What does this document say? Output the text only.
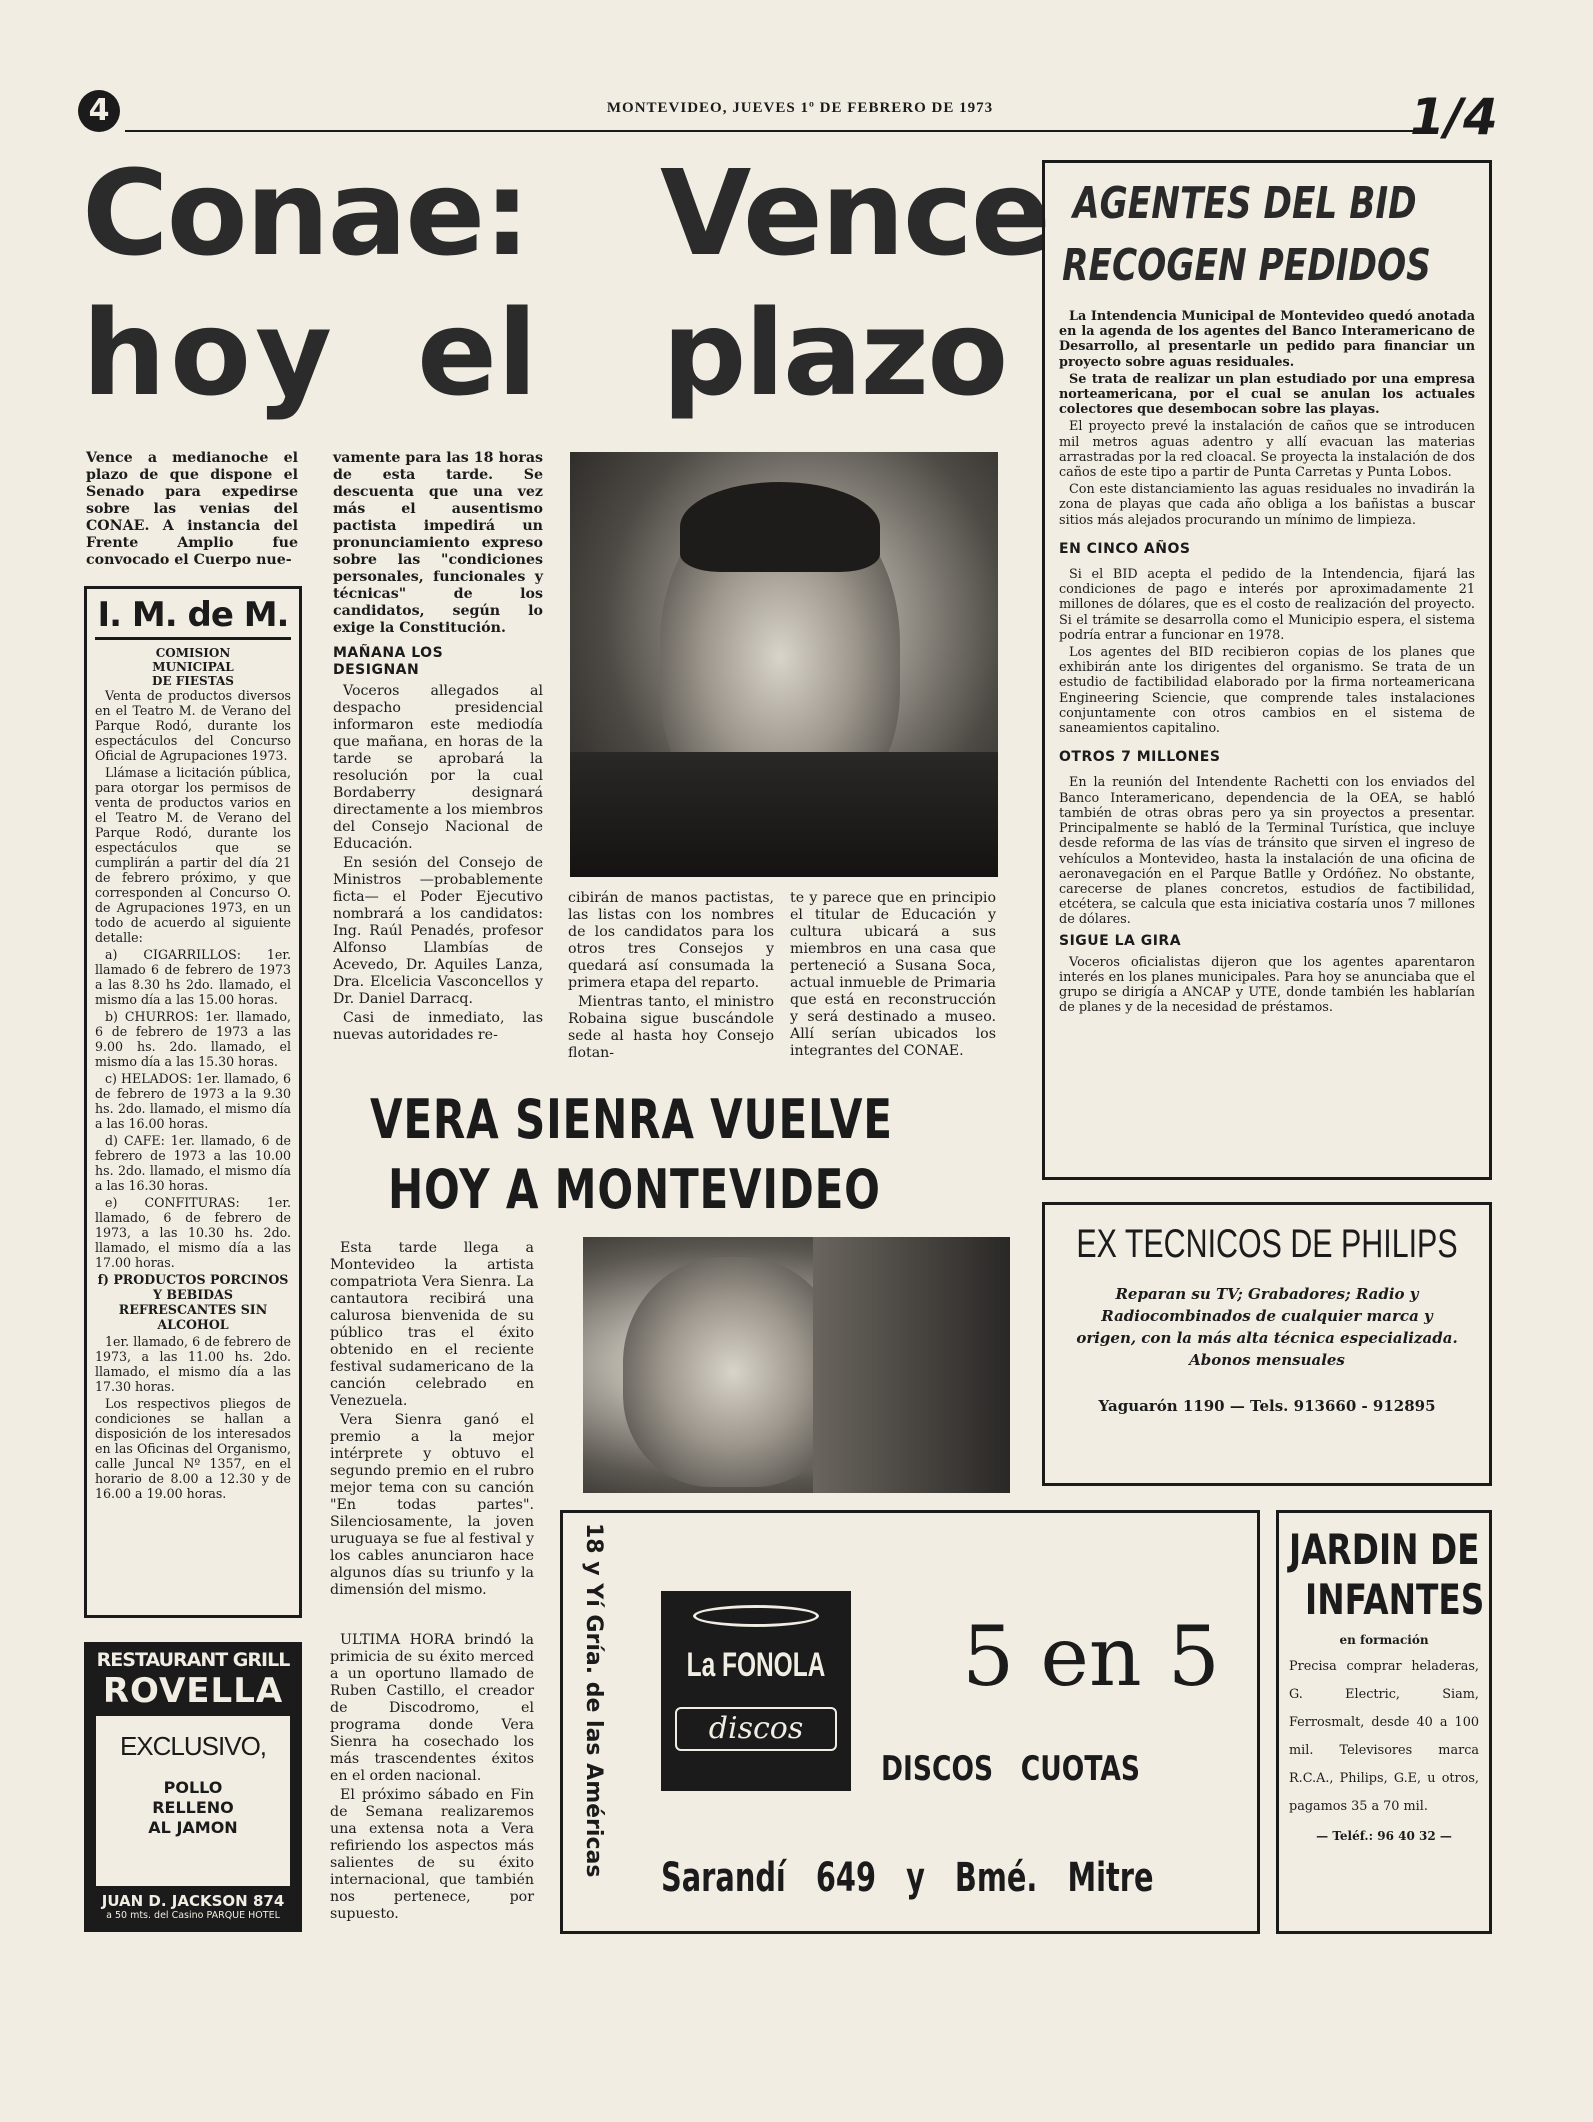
4	MONTEVIDEO, JUEVES 1º DE FEBRERO DE 1973	1/4
Conae: Vence
hoy el plazo

Vence a medianoche el plazo de que dispone el Senado para expedirse sobre las venias del CONAE. A instancia del Frente Amplio fue convocado el Cuerpo nue-

I. M. de M.
COMISION
MUNICIPAL
DE FIESTAS

Venta de productos diversos en el Teatro M. de Verano del Parque Rodó, durante los espectáculos del Concurso Oficial de Agrupaciones 1973.

Llámase a licitación pública, para otorgar los permisos de venta de productos varios en el Teatro M. de Verano del Parque Rodó, durante los espectáculos que se cumplirán a partir del día 21 de febrero próximo, y que corresponden al Concurso O. de Agrupaciones 1973, en un todo de acuerdo al siguiente detalle:

a) CIGARRILLOS: 1er. llamado 6 de febrero de 1973 a las 8.30 hs 2do. llamado, el mismo día a las 15.00 horas.

b) CHURROS: 1er. llamado, 6 de febrero de 1973 a las 9.00 hs. 2do. llamado, el mismo día a las 15.30 horas.

c) HELADOS: 1er. llamado, 6 de febrero de 1973 a la 9.30 hs. 2do. llamado, el mismo día a las 16.00 horas.

d) CAFE: 1er. llamado, 6 de febrero de 1973 a las 10.00 hs. 2do. llamado, el mismo día a las 16.30 horas.

e) CONFITURAS: 1er. llamado, 6 de febrero de 1973, a las 10.30 hs. 2do. llamado, el mismo día a las 17.00 horas.

f) PRODUCTOS PORCINOS Y BEBIDAS REFRESCANTES SIN ALCOHOL

1er. llamado, 6 de febrero de 1973, a las 11.00 hs. 2do. llamado, el mismo día a las 17.30 horas.

Los respectivos pliegos de condiciones se hallan a disposición de los interesados en las Oficinas del Organismo, calle Juncal Nº 1357, en el horario de 8.00 a 12.30 y de 16.00 a 19.00 horas.

RESTAURANT GRILL
ROVELLA
EXCLUSIVO,
POLLO
RELLENO
AL JAMON
JUAN D. JACKSON 874
a 50 mts. del Casino PARQUE HOTEL

vamente para las 18 horas de esta tarde. Se descuenta que una vez más el ausentismo pactista impedirá un pronunciamiento expreso sobre las "condiciones personales, funcionales y técnicas" de los candidatos, según lo exige la Constitución.

MAÑANA LOS
DESIGNAN

Voceros allegados al despacho presidencial informaron este mediodía que mañana, en horas de la tarde se aprobará la resolución por la cual Bordaberry designará directamente a los miembros del Consejo Nacional de Educación.

En sesión del Consejo de Ministros —probablemente ficta— el Poder Ejecutivo nombrará a los candidatos: Ing. Raúl Penadés, profesor Alfonso Llambías de Acevedo, Dr. Aquiles Lanza, Dra. Elcelicia Vasconcellos y Dr. Daniel Darracq.

Casi de inmediato, las nuevas autoridades re-

cibirán de manos pactistas, las listas con los nombres de los candidatos para los otros tres Consejos y quedará así consumada la primera etapa del reparto.

Mientras tanto, el ministro Robaina sigue buscándole sede al hasta hoy Consejo flotan-

te y parece que en principio el titular de Educación y cultura ubicará a sus miembros en una casa que perteneció a Susana Soca, actual inmueble de Primaria que está en reconstrucción y será destinado a museo. Allí serían ubicados los integrantes del CONAE.

VERA SIENRA VUELVE
HOY A MONTEVIDEO

Esta tarde llega a Montevideo la artista compatriota Vera Sienra. La cantautora recibirá una calurosa bienvenida de su público tras el éxito obtenido en el reciente festival sudamericano de la canción celebrado en Venezuela.

Vera Sienra ganó el premio a la mejor intérprete y obtuvo el segundo premio en el rubro mejor tema con su canción "En todas partes". Silenciosamente, la joven uruguaya se fue al festival y los cables anunciaron hace algunos días su triunfo y la dimensión del mismo.

ULTIMA HORA brindó la primicia de su éxito merced a un oportuno llamado de Ruben Castillo, el creador de Discodromo, el programa donde Vera Sienra ha cosechado los más trascendentes éxitos en el orden nacional.

El próximo sábado en Fin de Semana realizaremos una extensa nota a Vera refiriendo los aspectos más salientes de su éxito internacional, que también nos pertenece, por supuesto.

AGENTES DEL BID
RECOGEN PEDIDOS

La Intendencia Municipal de Montevideo quedó anotada en la agenda de los agentes del Banco Interamericano de Desarrollo, al presentarle un pedido para financiar un proyecto sobre aguas residuales.

Se trata de realizar un plan estudiado por una empresa norteamericana, por el cual se anulan los actuales colectores que desembocan sobre las playas.

El proyecto prevé la instalación de caños que se introducen mil metros aguas adentro y allí evacuan las materias arrastradas por la red cloacal. Se proyecta la instalación de dos caños de este tipo a partir de Punta Carretas y Punta Lobos.

Con este distanciamiento las aguas residuales no invadirán la zona de playas que cada año obliga a los bañistas a buscar sitios más alejados procurando un mínimo de limpieza.

EN CINCO AÑOS

Si el BID acepta el pedido de la Intendencia, fijará las condiciones de pago e interés por aproximadamente 21 millones de dólares, que es el costo de realización del proyecto. Si el trámite se desarrolla como el Municipio espera, el sistema podría entrar a funcionar en 1978.

Los agentes del BID recibieron copias de los planes que exhibirán ante los dirigentes del organismo. Se trata de un estudio de factibilidad elaborado por la firma norteamericana Engineering Sciencie, que comprende tales instalaciones conjuntamente con otros cambios en el sistema de saneamientos capitalino.

OTROS 7 MILLONES

En la reunión del Intendente Rachetti con los enviados del Banco Interamericano, dependencia de la OEA, se habló también de otras obras pero ya sin proyectos a presentar. Principalmente se habló de la Terminal Turística, que incluye desde reforma de las vías de tránsito que sirven el ingreso de vehículos a Montevideo, hasta la instalación de una oficina de aeronavegación en el Parque Batlle y Ordóñez. No obstante, carecerse de planes concretos, estudios de factibilidad, etcétera, se calcula que esta iniciativa costaría unos 7 millones de dólares.

SIGUE LA GIRA

Voceros oficialistas dijeron que los agentes aparentaron interés en los planes municipales. Para hoy se anunciaba que el grupo se dirigía a ANCAP y UTE, donde también les hablarían de planes y de la necesidad de préstamos.

EX TECNICOS DE PHILIPS
Reparan su TV; Grabadores; Radio y Radiocombinados de cualquier marca y origen, con la más alta técnica especializada. Abonos mensuales
Yaguarón 1190 — Tels. 913660 - 912895
18 y Yí Gría. de las Américas	La FONOLA
discos
5 en 5
DISCOS   CUOTAS
Sarandí   649   y   Bmé.   Mitre
JARDIN DE
INFANTES
en formación
Precisa comprar heladeras, G. Electric, Siam, Ferrosmalt, desde 40 a 100 mil. Televisores marca R.C.A., Philips, G.E, u otros, pagamos 35 a 70 mil.
— Teléf.: 96 40 32 —
